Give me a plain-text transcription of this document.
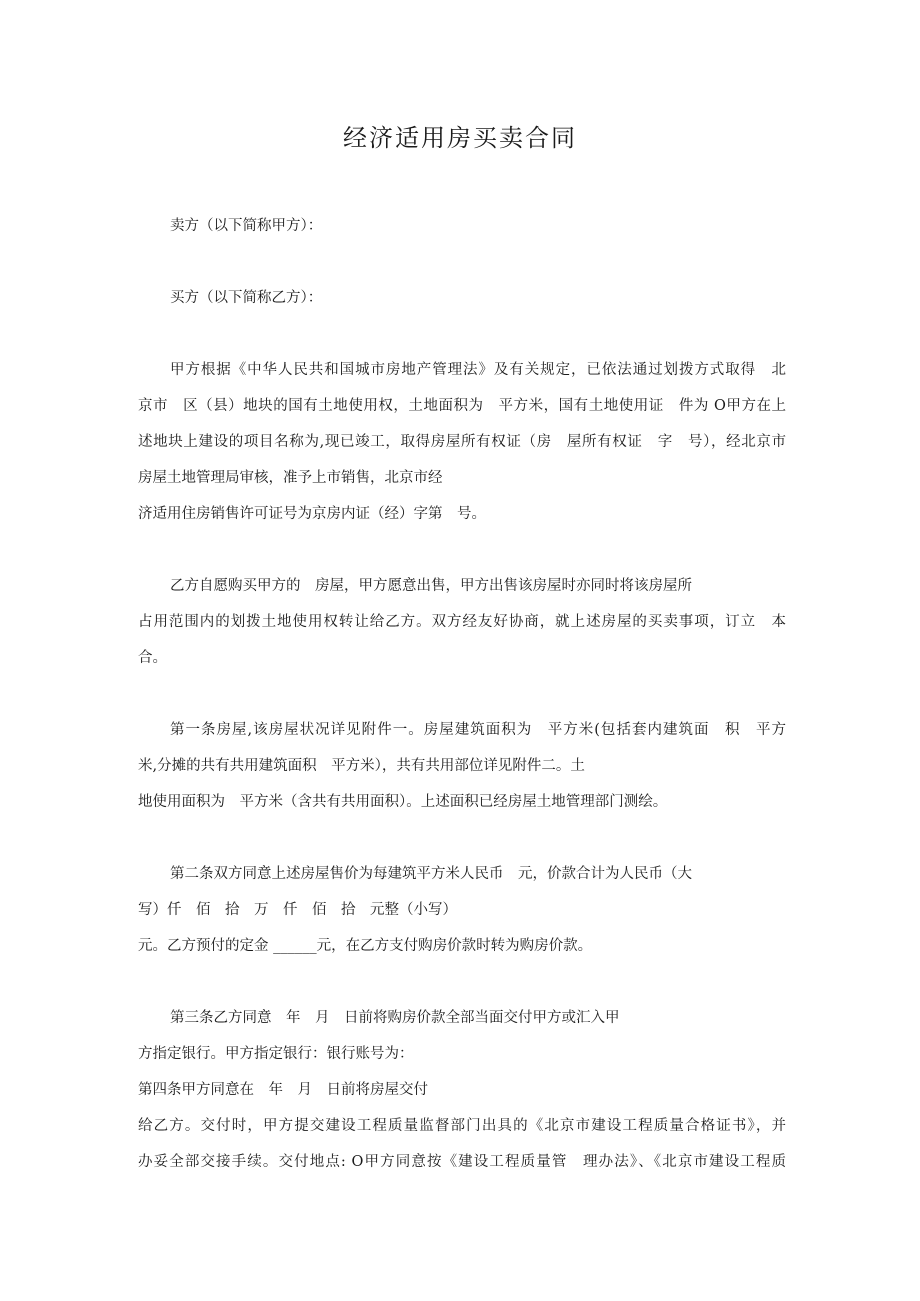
经济适用房买卖合同
卖方（以下简称甲方）：
买方（以下简称乙方）：
甲方根据《中华人民共和国城市房地产管理法》及有关规定，已依法通过划拨方式取得　北
京市　区（县）地块的国有土地使用权，土地面积为　平方米，国有土地使用证　件为 O甲方在上
述地块上建设的项目名称为,现已竣工，取得房屋所有权证（房　屋所有权证　字　号），经北京市
房屋土地管理局审核，准予上市销售，北京市经
济适用住房销售许可证号为京房内证（经）字第　号。
乙方自愿购买甲方的　房屋，甲方愿意出售，甲方出售该房屋时亦同时将该房屋所
占用范围内的划拨土地使用权转让给乙方。双方经友好协商，就上述房屋的买卖事项，订立　本
合。
第一条房屋,该房屋状况详见附件一。房屋建筑面积为　平方米(包括套内建筑面　积　平方
米,分摊的共有共用建筑面积　平方米），共有共用部位详见附件二。土
地使用面积为　平方米（含共有共用面积）。上述面积已经房屋土地管理部门测绘。
第二条双方同意上述房屋售价为每建筑平方米人民币　元，价款合计为人民币（大
写）仟　佰　拾　万　仟　佰　拾　元整（小写）
元。乙方预付的定金 ______元，在乙方支付购房价款时转为购房价款。
第三条乙方同意　年　月　日前将购房价款全部当面交付甲方或汇入甲
方指定银行。甲方指定银行：银行账号为：
第四条甲方同意在　年　月　日前将房屋交付
给乙方。交付时，甲方提交建设工程质量监督部门出具的《北京市建设工程质量合格证书》，并
办妥全部交接手续。交付地点: O甲方同意按《建设工程质量管　理办法》、《北京市建设工程质
